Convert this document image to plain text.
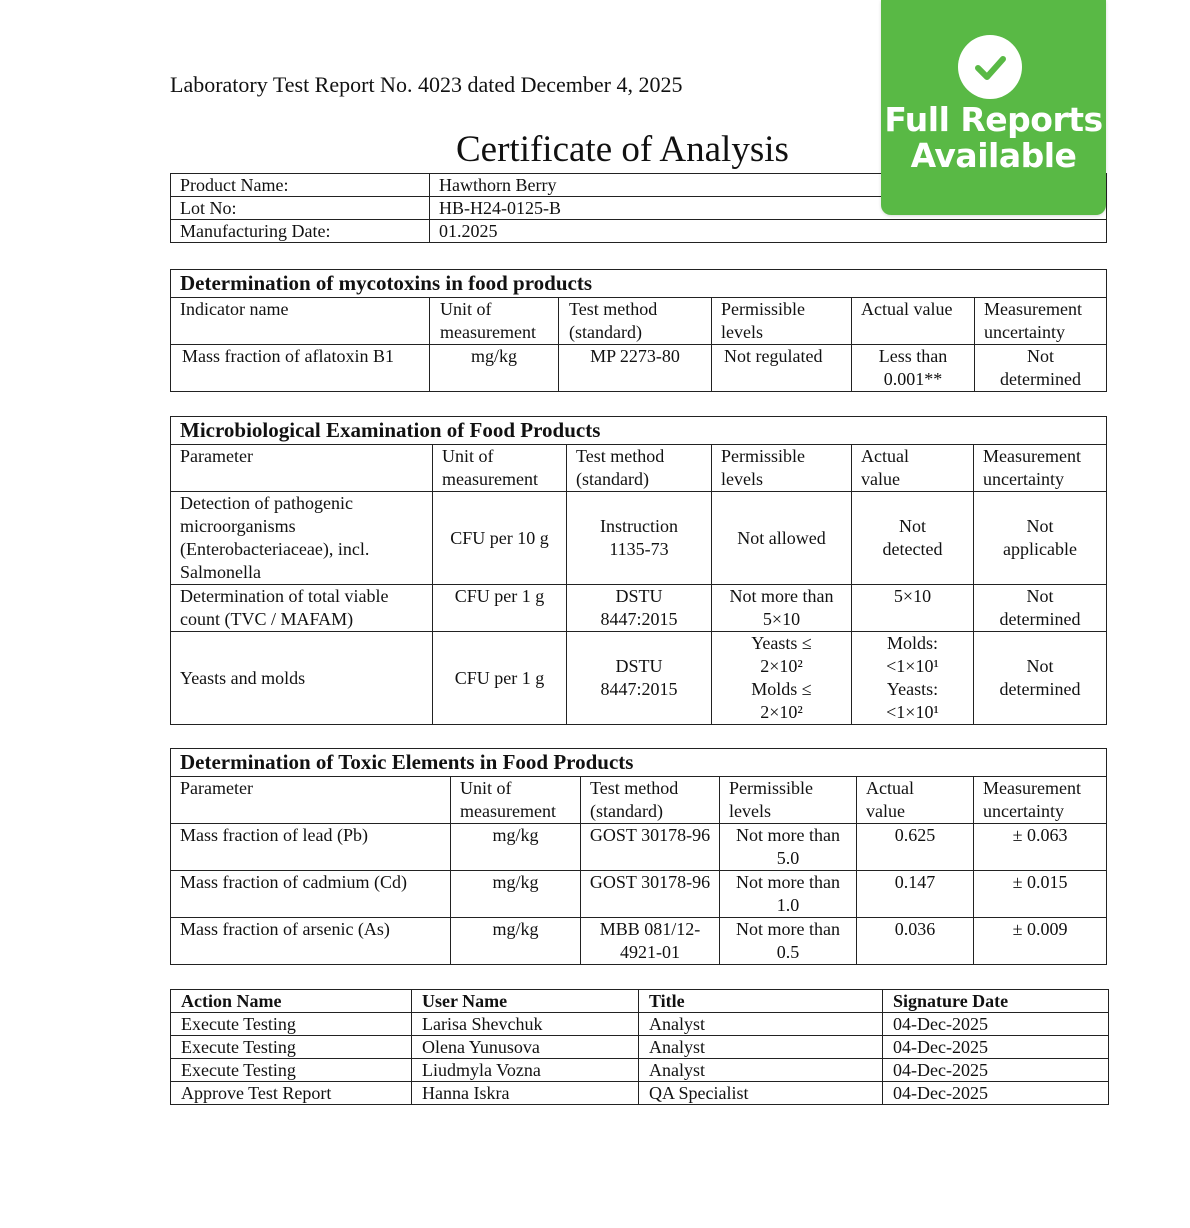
Laboratory Test Report No. 4023 dated December 4, 2025
Certificate of Analysis
Product Name:	Hawthorn Berry
Lot No:	HB-H24-0125-B
Manufacturing Date:	01.2025
Full Reports
Available
Determination of mycotoxins in food products					
Indicator name	Unit of measurement	Test method (standard)	Permissible levels	Actual value	Measurement uncertainty
Mass fraction of aflatoxin B1	mg/kg	MP 2273-80	Not regulated	Less than 0.001**	Not determined
Microbiological Examination of Food Products					
Parameter	Unit of measurement	Test method (standard)	Permissible levels	Actual value	Measurement uncertainty
Detection of pathogenic microorganisms (Enterobacteriaceae), incl. Salmonella	CFU per 10 g	Instruction 1135-73	Not allowed	Not detected	Not applicable
Determination of total viable count (TVC / MAFAM)	CFU per 1 g	DSTU 8447:2015	Not more than 5×10	5×10	Not determined
Yeasts and molds	CFU per 1 g	DSTU 8447:2015	Yeasts ≤ 2×10² Molds ≤ 2×10²	Molds: <1×10¹ Yeasts: <1×10¹	Not determined
Determination of Toxic Elements in Food Products					
Parameter	Unit of measurement	Test method (standard)	Permissible levels	Actual value	Measurement uncertainty
Mass fraction of lead (Pb)	mg/kg	GOST 30178-96	Not more than 5.0	0.625	± 0.063
Mass fraction of cadmium (Cd)	mg/kg	GOST 30178-96	Not more than 1.0	0.147	± 0.015
Mass fraction of arsenic (As)	mg/kg	MBB 081/12-4921-01	Not more than 0.5	0.036	± 0.009
Action Name	User Name	Title	Signature Date
Execute Testing	Larisa Shevchuk	Analyst	04-Dec-2025
Execute Testing	Olena Yunusova	Analyst	04-Dec-2025
Execute Testing	Liudmyla Vozna	Analyst	04-Dec-2025
Approve Test Report	Hanna Iskra	QA Specialist	04-Dec-2025
